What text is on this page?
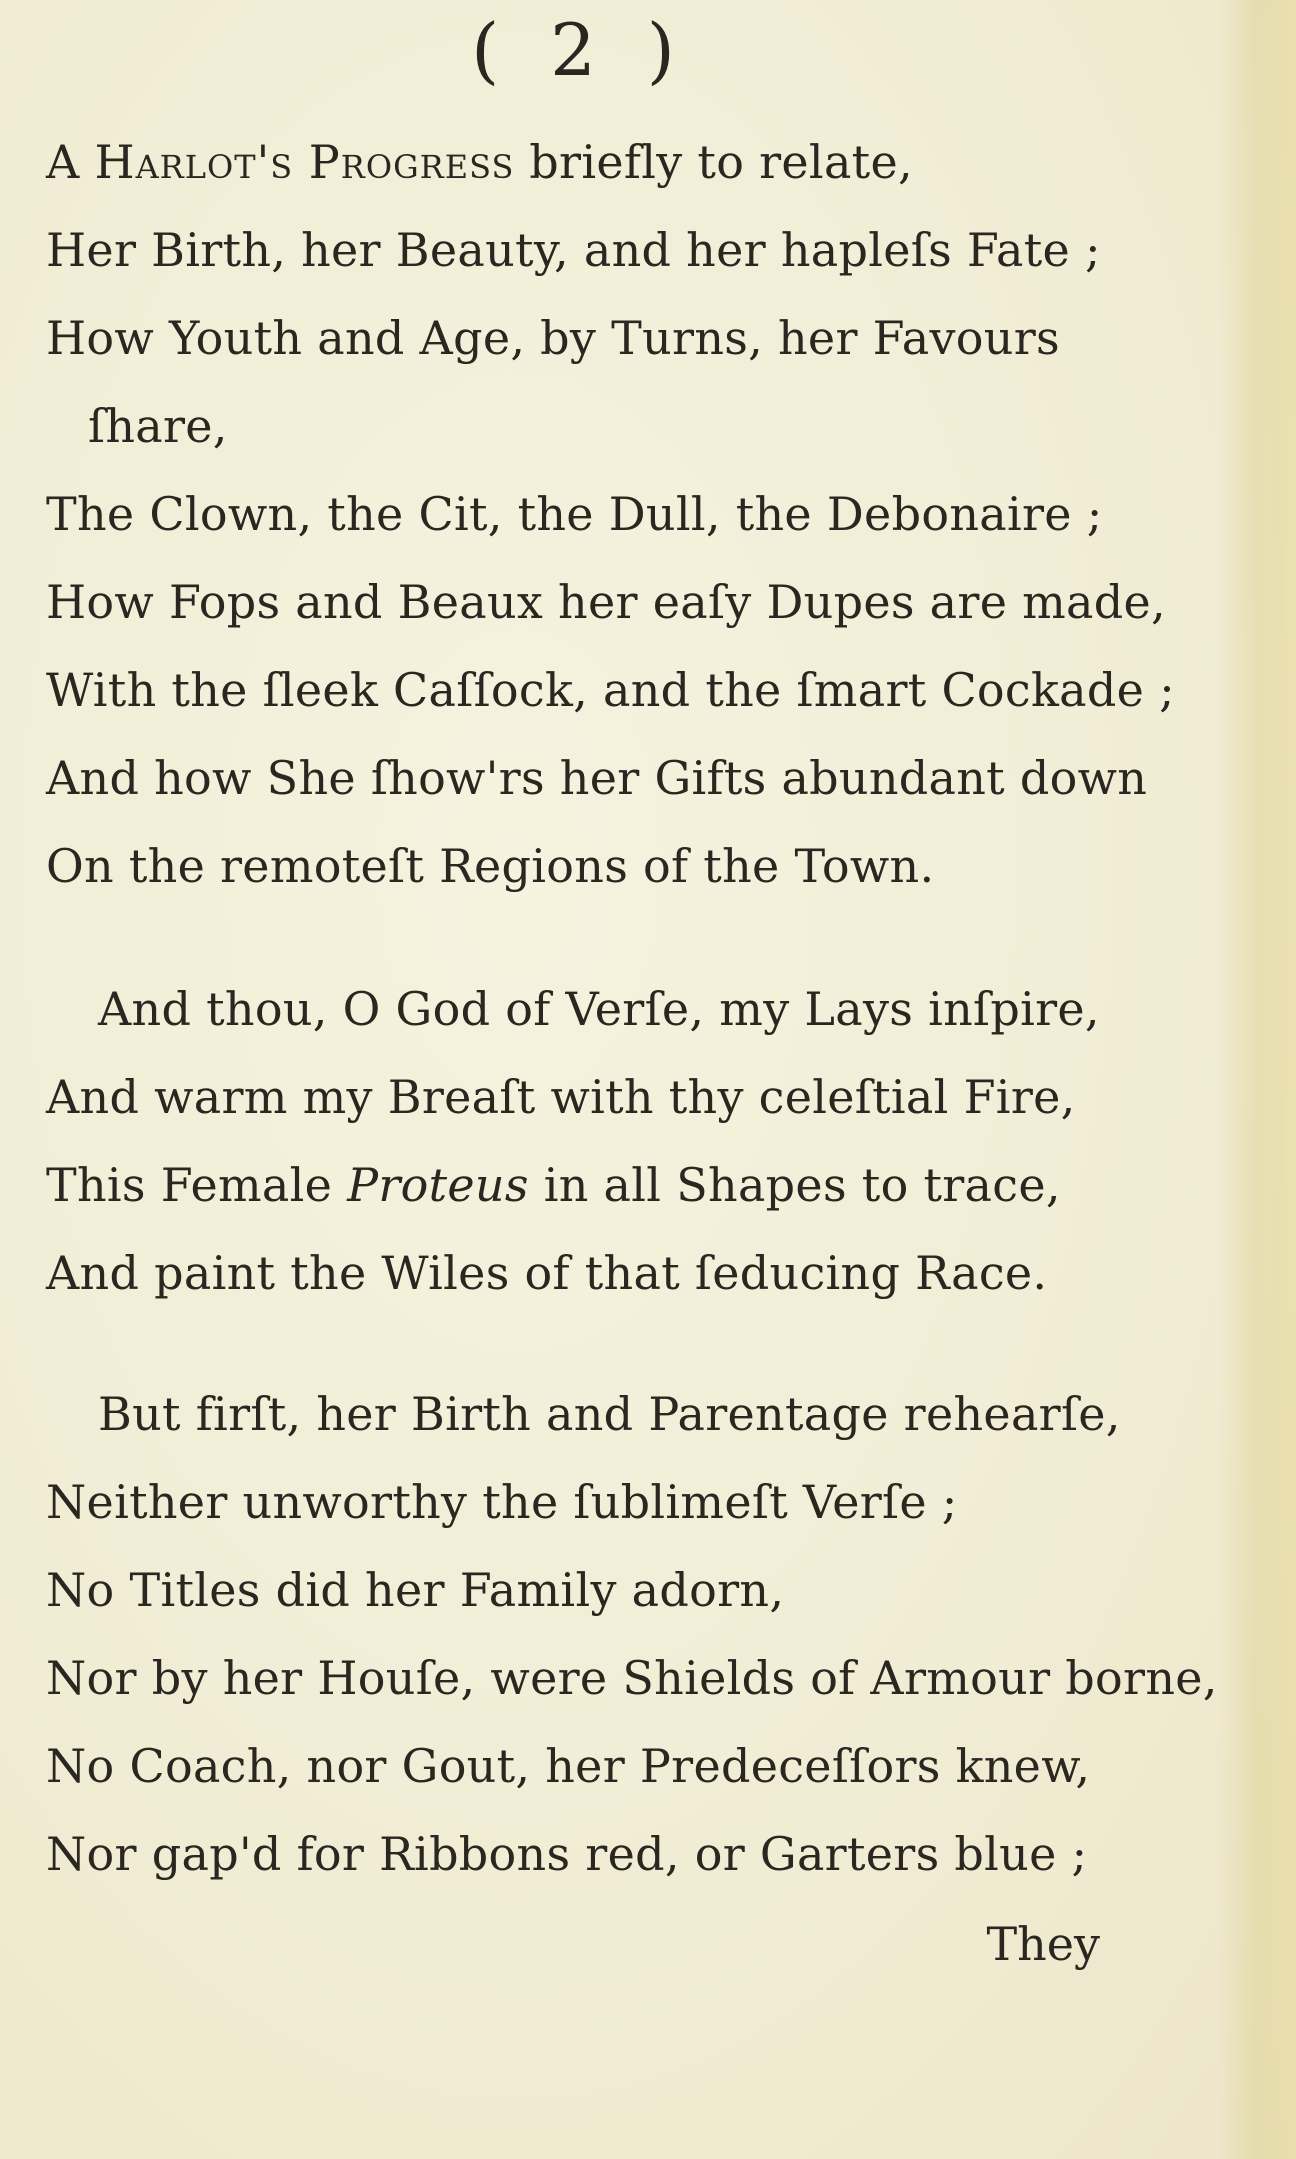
( 2 )
A Harlot's Progress briefly to relate,
Her Birth, her Beauty, and her hapleſs Fate ;
How Youth and Age, by Turns, her Favours
ſhare,
The Clown, the Cit, the Dull, the Debonaire ;
How Fops and Beaux her eaſy Dupes are made,
With the ſleek Caſſock, and the ſmart Cockade ;
And how She ſhow'rs her Gifts abundant down
On the remoteſt Regions of the Town.
And thou, O God of Verſe, my Lays inſpire,
And warm my Breaſt with thy celeſtial Fire,
This Female Proteus in all Shapes to trace,
And paint the Wiles of that ſeducing Race.
But firſt, her Birth and Parentage rehearſe,
Neither unworthy the ſublimeſt Verſe ;
No Titles did her Family adorn,
Nor by her Houſe, were Shields of Armour borne,
No Coach, nor Gout, her Predeceſſors knew,
Nor gap'd for Ribbons red, or Garters blue ;
They
